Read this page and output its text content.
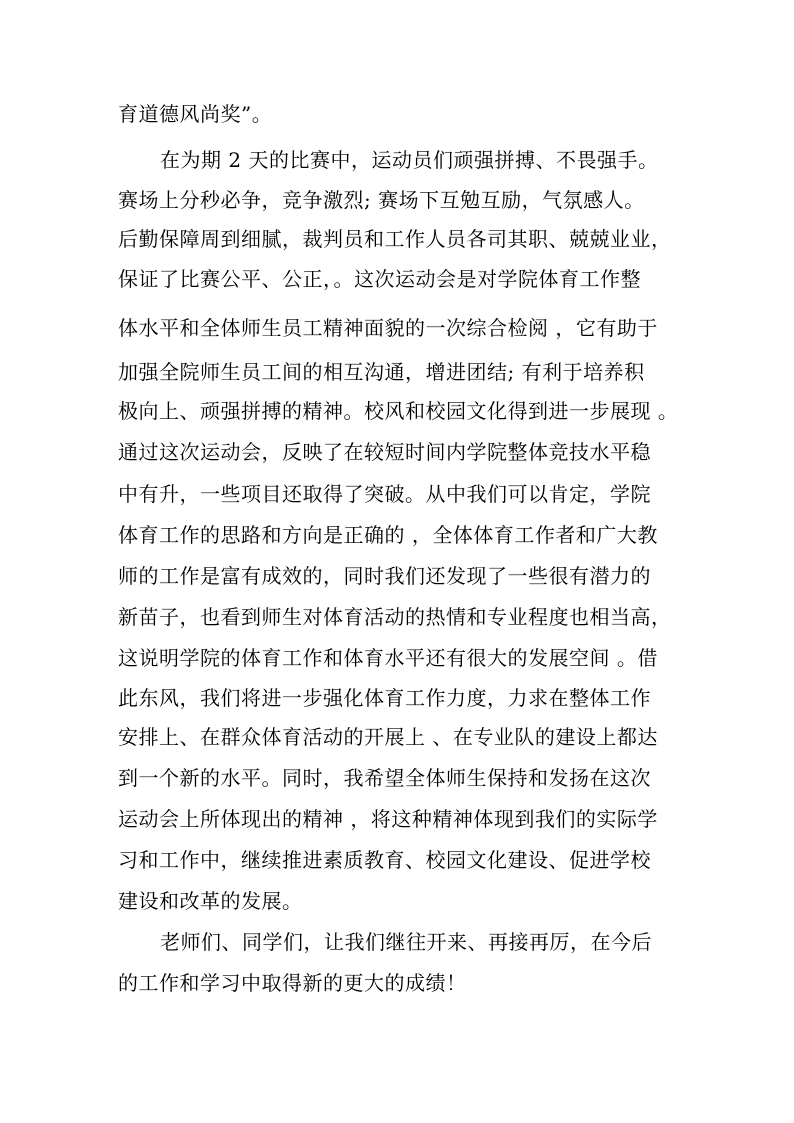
育道德风尚奖”。
在为期 2 天的比赛中，运动员们顽强拼搏、不畏强手。
赛场上分秒必争，竞争激烈; 赛场下互勉互励，气氛感人。
后勤保障周到细腻，裁判员和工作人员各司其职、兢兢业业，
保证了比赛公平、公正，。这次运动会是对学院体育工作整
体水平和全体师生员工精神面貌的一次综合检阅 ，它有助于
加强全院师生员工间的相互沟通，增进团结; 有利于培养积
极向上、顽强拼搏的精神。校风和校园文化得到进一步展现 。
通过这次运动会，反映了在较短时间内学院整体竞技水平稳
中有升，一些项目还取得了突破。从中我们可以肯定，学院
体育工作的思路和方向是正确的 ，全体体育工作者和广大教
师的工作是富有成效的，同时我们还发现了一些很有潜力的
新苗子，也看到师生对体育活动的热情和专业程度也相当高，
这说明学院的体育工作和体育水平还有很大的发展空间 。借
此东风，我们将进一步强化体育工作力度，力求在整体工作
安排上、在群众体育活动的开展上 、在专业队的建设上都达
到一个新的水平。同时，我希望全体师生保持和发扬在这次
运动会上所体现出的精神 ，将这种精神体现到我们的实际学
习和工作中，继续推进素质教育、校园文化建设、促进学校
建设和改革的发展。
老师们、同学们，让我们继往开来、再接再厉，在今后
的工作和学习中取得新的更大的成绩！
